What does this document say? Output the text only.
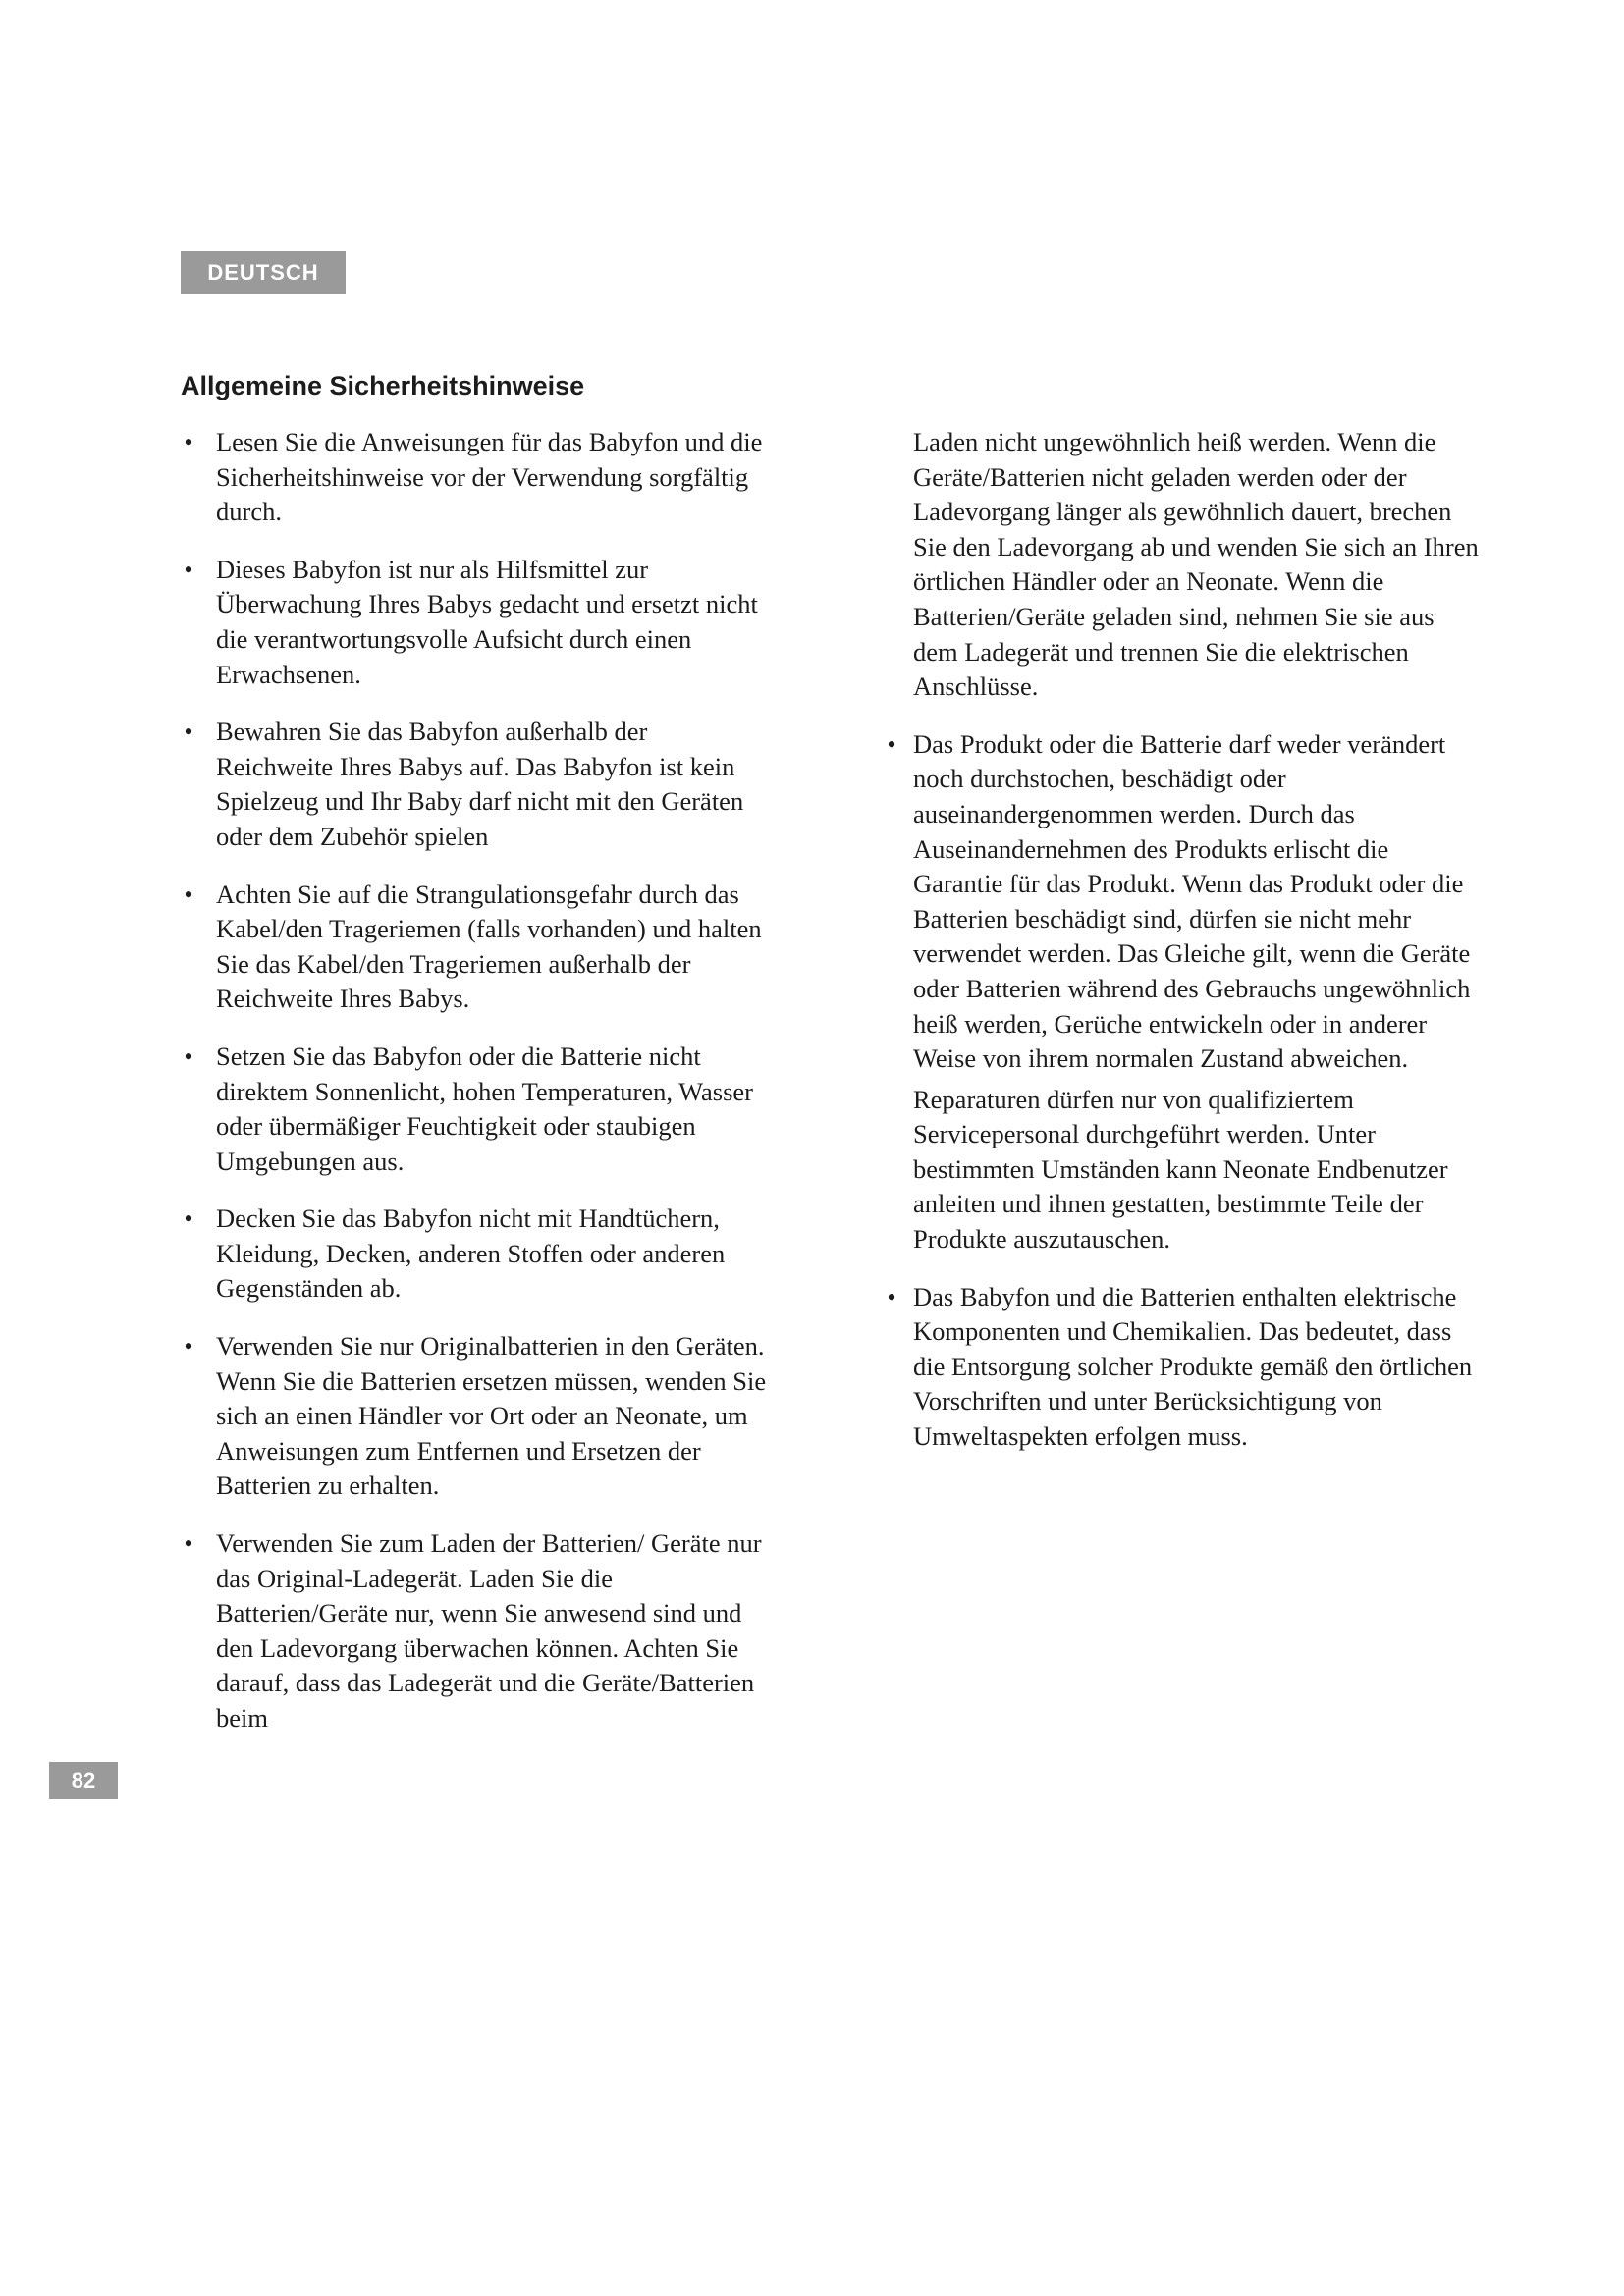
DEUTSCH
Allgemeine Sicherheitshinweise
• Lesen Sie die Anweisungen für das Babyfon und die Sicherheitshinweise vor der Verwendung sorgfältig durch.

• Dieses Babyfon ist nur als Hilfsmittel zur Überwachung Ihres Babys gedacht und ersetzt nicht die verantwortungsvolle Aufsicht durch einen Erwachsenen.

• Bewahren Sie das Babyfon außerhalb der Reichweite Ihres Babys auf. Das Babyfon ist kein Spielzeug und Ihr Baby darf nicht mit den Geräten oder dem Zubehör spielen

• Achten Sie auf die Strangulationsgefahr durch das Kabel/den Trageriemen (falls vorhanden) und halten Sie das Kabel/den Trageriemen außerhalb der Reichweite Ihres Babys.

• Setzen Sie das Babyfon oder die Batterie nicht direktem Sonnenlicht, hohen Temperaturen, Wasser oder übermäßiger Feuchtigkeit oder staubigen Umgebungen aus.

• Decken Sie das Babyfon nicht mit Handtüchern, Kleidung, Decken, anderen Stoffen oder anderen Gegenständen ab.

• Verwenden Sie nur Originalbatterien in den Geräten. Wenn Sie die Batterien ersetzen müssen, wenden Sie sich an einen Händler vor Ort oder an Neonate, um Anweisungen zum Entfernen und Ersetzen der Batterien zu erhalten.

• Verwenden Sie zum Laden der Batterien/ Geräte nur das Original-Ladegerät. Laden Sie die Batterien/Geräte nur, wenn Sie anwesend sind und den Ladevorgang überwachen können. Achten Sie darauf, dass das Ladegerät und die Geräte/Batterien beim

Laden nicht ungewöhnlich heiß werden. Wenn die Geräte/Batterien nicht geladen werden oder der Ladevorgang länger als gewöhnlich dauert, brechen Sie den Ladevorgang ab und wenden Sie sich an Ihren örtlichen Händler oder an Neonate. Wenn die Batterien/Geräte geladen sind, nehmen Sie sie aus dem Ladegerät und trennen Sie die elektrischen Anschlüsse.

• Das Produkt oder die Batterie darf weder verändert noch durchstochen, beschädigt oder auseinandergenommen werden. Durch das Auseinandernehmen des Produkts erlischt die Garantie für das Produkt. Wenn das Produkt oder die Batterien beschädigt sind, dürfen sie nicht mehr verwendet werden. Das Gleiche gilt, wenn die Geräte oder Batterien während des Gebrauchs ungewöhnlich heiß werden, Gerüche entwickeln oder in anderer Weise von ihrem normalen Zustand abweichen.

Reparaturen dürfen nur von qualifiziertem Servicepersonal durchgeführt werden. Unter bestimmten Umständen kann Neonate Endbenutzer anleiten und ihnen gestatten, bestimmte Teile der Produkte auszutauschen.

• Das Babyfon und die Batterien enthalten elektrische Komponenten und Chemikalien. Das bedeutet, dass die Entsorgung solcher Produkte gemäß den örtlichen Vorschriften und unter Berücksichtigung von Umweltaspekten erfolgen muss.

82
